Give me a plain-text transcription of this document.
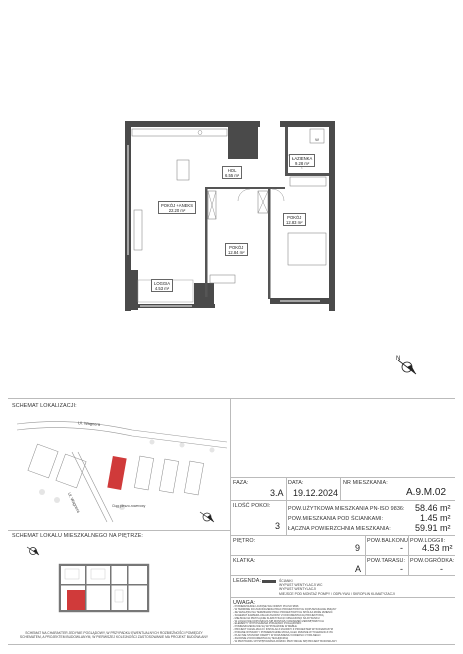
W
ŁAZIENKA
9.28 m²
HOL
6.55 m²
POKÓJ +ANEKS
22.20 m²
POKÓJ
12.83 m²
POKÓJ
12.84 m²
LOGGIA
4.53 m²
N
SCHEMAT LOKALIZACJI:
Ul. Wagnera
Ul. Wagnera	Ciąg pieszo-rowerowy
SCHEMAT LOKALU MIESZKALNEGO NA PIĘTRZE:
SCHEMAT NA CHARAKTER JEDYNIE POGLĄDOWY, W PRZYPADKU EWENTUALNYCH ROZBIEŻNOŚCI POMIĘDZY SCHEMATEM, A PROJEKTEM BUDOWLANYM, W PIERWSZEJ KOLEJNOŚCI ZASTOSOWANIE MA PROJEKT BUDOWLANY
FAZA:
3.A
DATA:
19.12.2024
NR MIESZKANIA:
A.9.M.02
ILOŚĆ POKOI:
3
POW.UŻYTKOWA MIESZKANIA PN-ISO 9836: 58.46 m²
POW.MIESZKANIA POD ŚCIANKAMI:	1.45 m²
ŁĄCZNA POWIERZCHNIA MIESZKANIA:	59.91 m²
PIĘTRO:
9
POW.BALKONU:
-
POW.LOGGII:
4.53 m²
KLATKA:
A
POW.TARASU:
-
POW.OGRÓDKA:
-
LEGENDA:	ŚCIANKI
WYPUST WENTYLACJI WC
WYPUST WENTYLACJI
MIEJSCE POD MONTAŻ POMPY / ODPŁYWU / SKROPLIN KLIMATYZACJI
UWAGA:
- POWIERZCHNIE LICZONE WG NORMY PN-ISO 9836
- W TERMINIE DO ZAKOŃCZENIA PRAC PROJEKTOWYCH DOPUSZCZALNE ZMIANY
- ZE WZGLĘDU NA TERMINARZ PRAC PROJEKTOWYCH SPÓŁKA MOŻE ZMIENIĆ
- SCHEMAT ZAWIERA UKŁAD ZGODNY Z DOKUMENTACJĄ PROJEKTOWĄ
- MIEJSCE NA PRZYŁĄCZE KLIMATYZACJI OZNACZONO NA RYSUNKU
- W LOGGII NIE DOPUSZCZA SIĘ MONTAŻU URZĄDZEŃ ZEWNĘTRZNYCH
- ELEMENTY WYPOSAŻENIA POKAZANO POGLĄDOWO
- POMIESZCZENIA NIE SĄ WYPOSAŻONE W MEBLE
- PROJEKT KANALIZACJI I INSTALACJI ZGODNY Z PROJEKTEM WYKONAWCZYM
- PODANE WYMIARY I POWIERZCHNIE MOGĄ ULEC ZMIANIE W TOLERANCJI 3%
- PLAN NIE STANOWI OFERTY W ROZUMIENIU KODEKSU CYWILNEGO
- ZGODNIE Z DOKUMENTACJĄ TECHNICZNĄ
- W PRZYPADKU WYSTĘPOWANIA RÓŻNIC PRZYJMUJE SIĘ PROJEKT BUDOWLANY
